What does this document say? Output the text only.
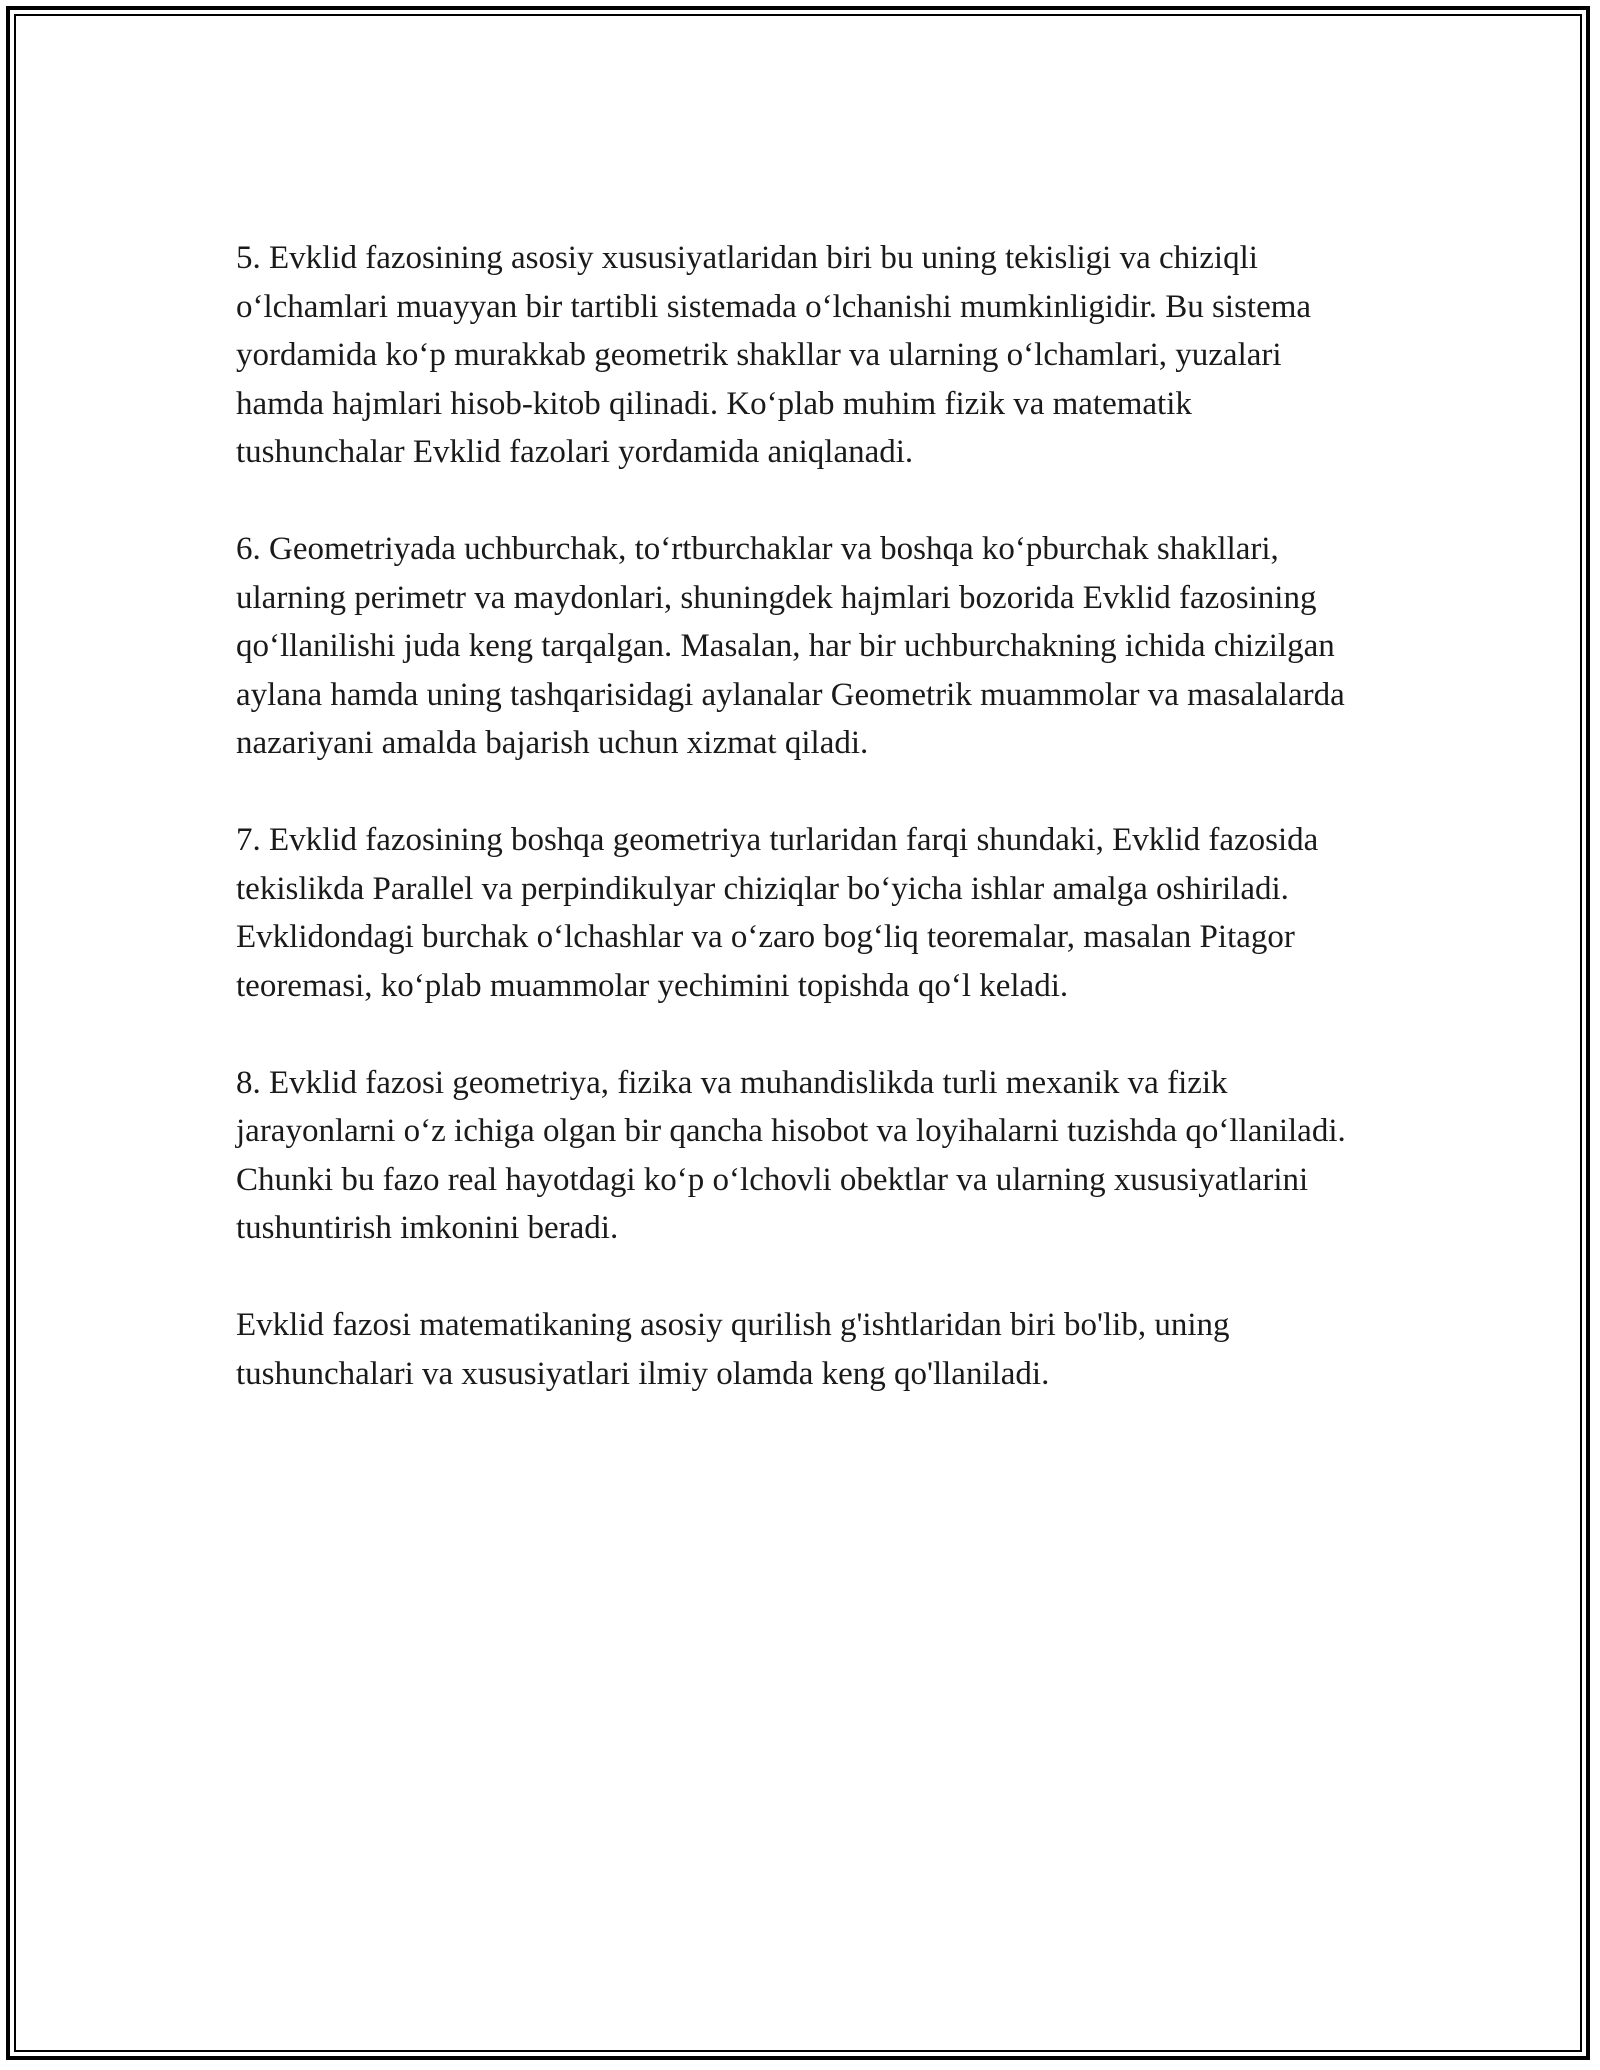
5. Evklid fazosining asosiy xususiyatlaridan biri bu uning tekisligi va chiziqli o‘lchamlari muayyan bir tartibli sistemada o‘lchanishi mumkinligidir. Bu sistema yordamida ko‘p murakkab geometrik shakllar va ularning o‘lchamlari, yuzalari hamda hajmlari hisob-kitob qilinadi. Ko‘plab muhim fizik va matematik tushunchalar Evklid fazolari yordamida aniqlanadi.

6. Geometriyada uchburchak, to‘rtburchaklar va boshqa ko‘pburchak shakllari, ularning perimetr va maydonlari, shuningdek hajmlari bozorida Evklid fazosining qo‘llanilishi juda keng tarqalgan. Masalan, har bir uchburchakning ichida chizilgan aylana hamda uning tashqarisidagi aylanalar Geometrik muammolar va masalalarda nazariyani amalda bajarish uchun xizmat qiladi.

7. Evklid fazosining boshqa geometriya turlaridan farqi shundaki, Evklid fazosida tekislikda Parallel va perpindikulyar chiziqlar bo‘yicha ishlar amalga oshiriladi. Evklidondagi burchak o‘lchashlar va o‘zaro bog‘liq teoremalar, masalan Pitagor teoremasi, ko‘plab muammolar yechimini topishda qo‘l keladi.

8. Evklid fazosi geometriya, fizika va muhandislikda turli mexanik va fizik jarayonlarni o‘z ichiga olgan bir qancha hisobot va loyihalarni tuzishda qo‘llaniladi. Chunki bu fazo real hayotdagi ko‘p o‘lchovli obektlar va ularning xususiyatlarini tushuntirish imkonini beradi.

Evklid fazosi matematikaning asosiy qurilish g'ishtlaridan biri bo'lib, uning tushunchalari va xususiyatlari ilmiy olamda keng qo'llaniladi.
